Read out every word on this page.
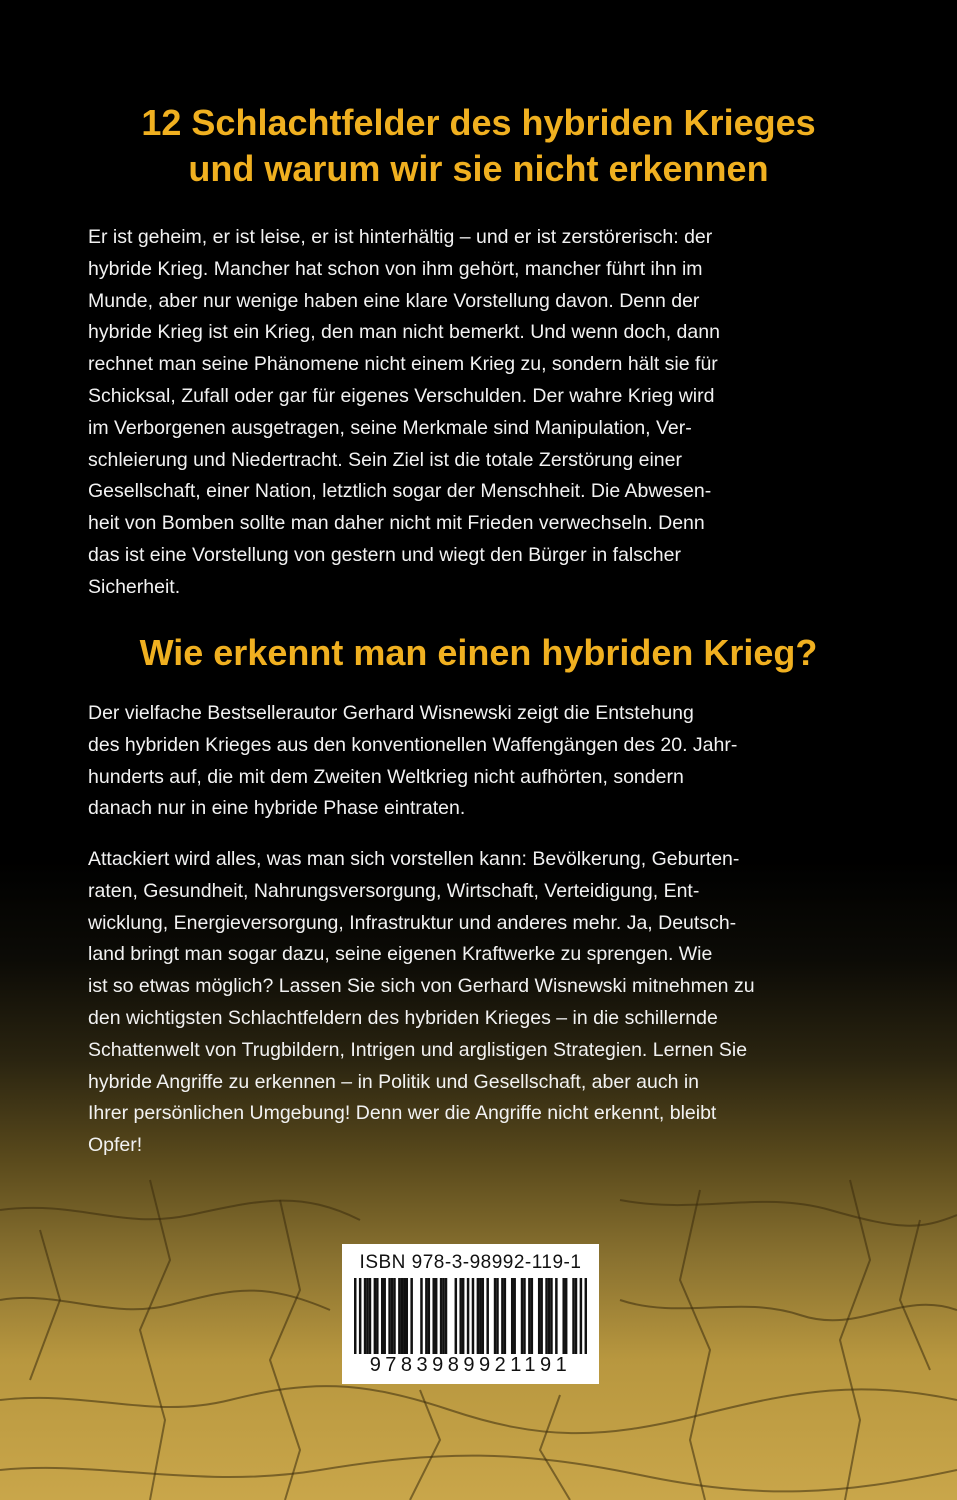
12 Schlachtfelder des hybriden Krieges
und warum wir sie nicht erkennen
Er ist geheim, er ist leise, er ist hinterhältig – und er ist zerstörerisch: der
hybride Krieg. Mancher hat schon von ihm gehört, mancher führt ihn im
Munde, aber nur wenige haben eine klare Vorstellung davon. Denn der
hybride Krieg ist ein Krieg, den man nicht bemerkt. Und wenn doch, dann
rechnet man seine Phänomene nicht einem Krieg zu, sondern hält sie für
Schicksal, Zufall oder gar für eigenes Verschulden. Der wahre Krieg wird
im Verborgenen ausgetragen, seine Merkmale sind Manipulation, Ver-
schleierung und Niedertracht. Sein Ziel ist die totale Zerstörung einer
Gesellschaft, einer Nation, letztlich sogar der Menschheit. Die Abwesen-
heit von Bomben sollte man daher nicht mit Frieden verwechseln. Denn
das ist eine Vorstellung von gestern und wiegt den Bürger in falscher
Sicherheit.
Wie erkennt man einen hybriden Krieg?
Der vielfache Bestsellerautor Gerhard Wisnewski zeigt die Entstehung
des hybriden Krieges aus den konventionellen Waffengängen des 20. Jahr-
hunderts auf, die mit dem Zweiten Weltkrieg nicht aufhörten, sondern
danach nur in eine hybride Phase eintraten.
Attackiert wird alles, was man sich vorstellen kann: Bevölkerung, Geburten-
raten, Gesundheit, Nahrungsversorgung, Wirtschaft, Verteidigung, Ent-
wicklung, Energieversorgung, Infrastruktur und anderes mehr. Ja, Deutsch-
land bringt man sogar dazu, seine eigenen Kraftwerke zu sprengen. Wie
ist so etwas möglich? Lassen Sie sich von Gerhard Wisnewski mitnehmen zu
den wichtigsten Schlachtfeldern des hybriden Krieges – in die schillernde
Schattenwelt von Trugbildern, Intrigen und arglistigen Strategien. Lernen Sie
hybride Angriffe zu erkennen – in Politik und Gesellschaft, aber auch in
Ihrer persönlichen Umgebung! Denn wer die Angriffe nicht erkennt, bleibt
Opfer!
ISBN 978-3-98992-119-1
9783989921191
